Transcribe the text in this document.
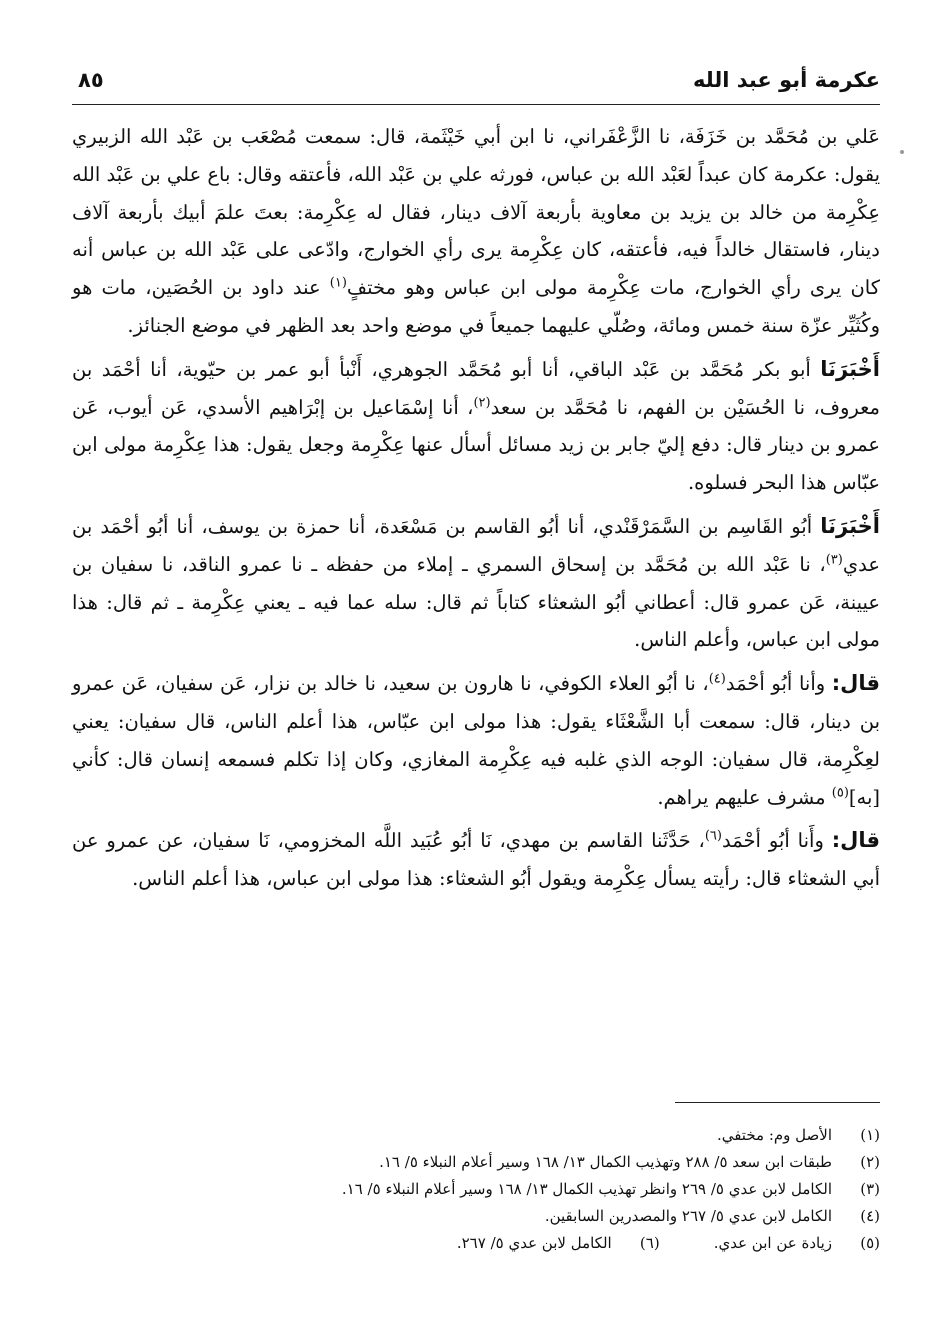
عكرمة أبو عبد الله
٨٥

عَلي بن مُحَمَّد بن خَزَفَة، نا الزَّعْفَراني، نا ابن أبي خَيْثَمة، قال: سمعت مُصْعَب بن عَبْد الله الزبيري يقول: عكرمة كان عبداً لعَبْد الله بن عباس، فورثه علي بن عَبْد الله، فأعتقه وقال: باع علي بن عَبْد الله عِكْرِمة من خالد بن يزيد بن معاوية بأربعة آلاف دينار، فقال له عِكْرِمة: بعتَ علمَ أبيك بأربعة آلاف دينار، فاستقال خالداً فيه، فأعتقه، كان عِكْرِمة يرى رأي الخوارج، وادّعى على عَبْد الله بن عباس أنه كان يرى رأي الخوارج، مات عِكْرِمة مولى ابن عباس وهو مختفٍ$^{(١)}$ عند داود بن الحُصَين، مات هو وكُثَيِّر عزّة سنة خمس ومائة، وصُلّي عليهما جميعاً في موضع واحد بعد الظهر في موضع الجنائز.

أَخْبَرَنَا أبو بكر مُحَمَّد بن عَبْد الباقي، أنا أبو مُحَمَّد الجوهري، أَنْبأ أبو عمر بن حيّوية، أنا أحْمَد بن معروف، نا الحُسَيْن بن الفهم، نا مُحَمَّد بن سعد$^{(٢)}$، أنا إسْمَاعيل بن إبْرَاهيم الأسدي، عَن أيوب، عَن عمرو بن دينار قال: دفع إليّ جابر بن زيد مسائل أسأل عنها عِكْرِمة وجعل يقول: هذا عِكْرِمة مولى ابن عبّاس هذا البحر فسلوه.

أَخْبَرَنَا أبُو القَاسِم بن السَّمَرْقَنْدي، أنا أبُو القاسم بن مَسْعَدة، أنا حمزة بن يوسف، أنا أبُو أحْمَد بن عدي$^{(٣)}$، نا عَبْد الله بن مُحَمَّد بن إسحاق السمري ـ إملاء من حفظه ـ نا عمرو الناقد، نا سفيان بن عيينة، عَن عمرو قال: أعطاني أبُو الشعثاء كتاباً ثم قال: سله عما فيه ـ يعني عِكْرِمة ـ ثم قال: هذا مولى ابن عباس، وأعلم الناس.

قال: وأنا أبُو أحْمَد$^{(٤)}$، نا أبُو العلاء الكوفي، نا هارون بن سعيد، نا خالد بن نزار، عَن سفيان، عَن عمرو بن دينار، قال: سمعت أبا الشَّعْثَاء يقول: هذا مولى ابن عبّاس، هذا أعلم الناس، قال سفيان: يعني لعِكْرِمة، قال سفيان: الوجه الذي غلبه فيه عِكْرِمة المغازي، وكان إذا تكلم فسمعه إنسان قال: كأني [به]$^{(٥)}$ مشرف عليهم يراهم.

قال: وأَنا أبُو أحْمَد$^{(٦)}$، حَدَّثَنا القاسم بن مهدي، نَا أبُو عُبَيد اللَّه المخزومي، نَا سفيان، عن عمرو عن أبي الشعثاء قال: رأيته يسأل عِكْرِمة ويقول أبُو الشعثاء: هذا مولى ابن عباس، هذا أعلم الناس.

(١)
الأصل وم: مختفي.
(٢)
طبقات ابن سعد ٥/ ٢٨٨ وتهذيب الكمال ١٣/ ١٦٨ وسير أعلام النبلاء ٥/ ١٦.
(٣)
الكامل لابن عدي ٥/ ٢٦٩ وانظر تهذيب الكمال ١٣/ ١٦٨ وسير أعلام النبلاء ٥/ ١٦.
(٤)
الكامل لابن عدي ٥/ ٢٦٧ والمصدرين السابقين.
(٥)
زيادة عن ابن عدي.
(٦)
الكامل لابن عدي ٥/ ٢٦٧.
